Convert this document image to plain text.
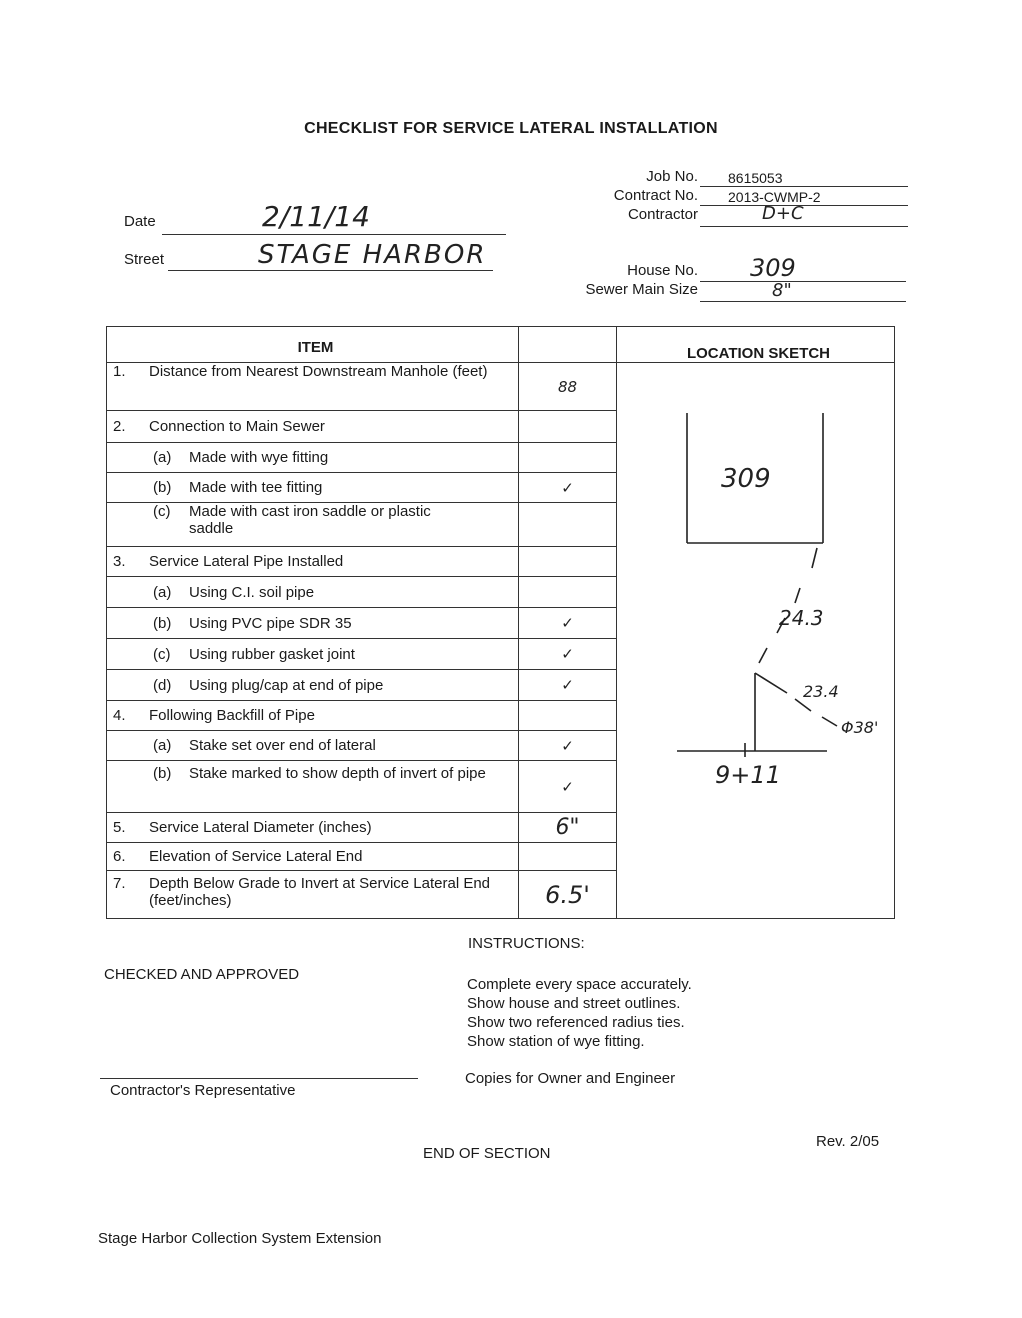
CHECKLIST FOR SERVICE LATERAL INSTALLATION
Job No. 8615053
Contract No. 2013-CWMP-2
Contractor	D+C
Date	2/11/14
Street	STAGE HARBOR
House No. 309
Sewer Main Size	8"
ITEM		LOCATION SKETCH
1. Distance from Nearest Downstream Manhole (feet)	88	309
24.3
23.4
Φ38'
9+11

2. Connection to Main Sewer		
(a) Made with wye fitting		
(b) Made with tee fitting	✓	
(c) Made with cast iron saddle or plastic saddle		
3. Service Lateral Pipe Installed		
(a) Using C.I. soil pipe		
(b) Using PVC pipe SDR 35	✓	
(c) Using rubber gasket joint	✓	
(d) Using plug/cap at end of pipe	✓	
4. Following Backfill of Pipe		
(a) Stake set over end of lateral	✓	
(b) Stake marked to show depth of invert of pipe	✓	
5. Service Lateral Diameter (inches)	6"	
6. Elevation of Service Lateral End		
7. Depth Below Grade to Invert at Service Lateral End (feet/inches)	6.5'	
INSTRUCTIONS:
CHECKED AND APPROVED
Complete every space accurately.
Show house and street outlines.
Show two referenced radius ties.
Show station of wye fitting.
Copies for Owner and Engineer
Contractor's Representative
Rev. 2/05
END OF SECTION
Stage Harbor Collection System Extension
